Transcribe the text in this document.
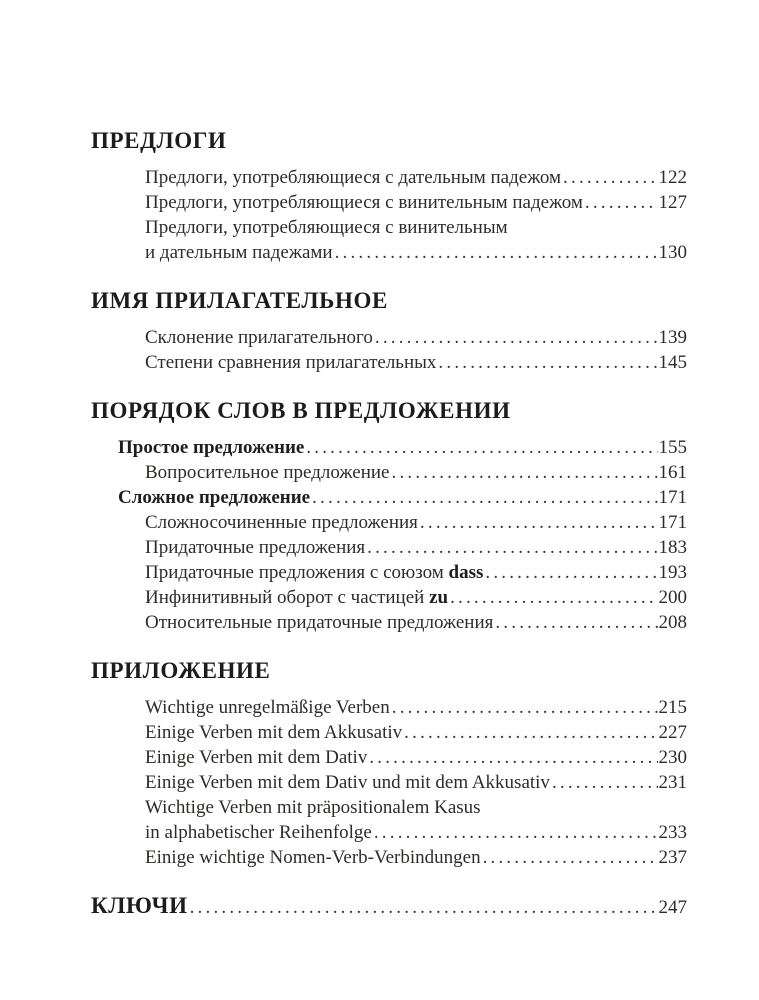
ПРЕДЛОГИ
Предлоги, употребляющиеся с дательным падежом .....	122
Предлоги, употребляющиеся с винительным падежом .....	127
Предлоги, употребляющиеся с винительным
и дательным падежами .....	130
ИМЯ ПРИЛАГАТЕЛЬНОЕ
Склонение прилагательного .....	139
Степени сравнения прилагательных .....	145
ПОРЯДОК СЛОВ В ПРЕДЛОЖЕНИИ
Простое предложение .....	155
Вопросительное предложение .....	161
Сложное предложение .....	171
Сложносочиненные предложения .....	171
Придаточные предложения .....	183
Придаточные предложения с союзом dass .....	193
Инфинитивный оборот с частицей zu .....	200
Относительные придаточные предложения .....	208
ПРИЛОЖЕНИЕ
Wichtige unregelmäßige Verben .....	215
Einige Verben mit dem Akkusativ .....	227
Einige Verben mit dem Dativ .....	230
Einige Verben mit dem Dativ und mit dem Akkusativ .....	231
Wichtige Verben mit präpositionalem Kasus
in alphabetischer Reihenfolge .....	233
Einige wichtige Nomen-Verb-Verbindungen .....	237
КЛЮЧИ .....	247
